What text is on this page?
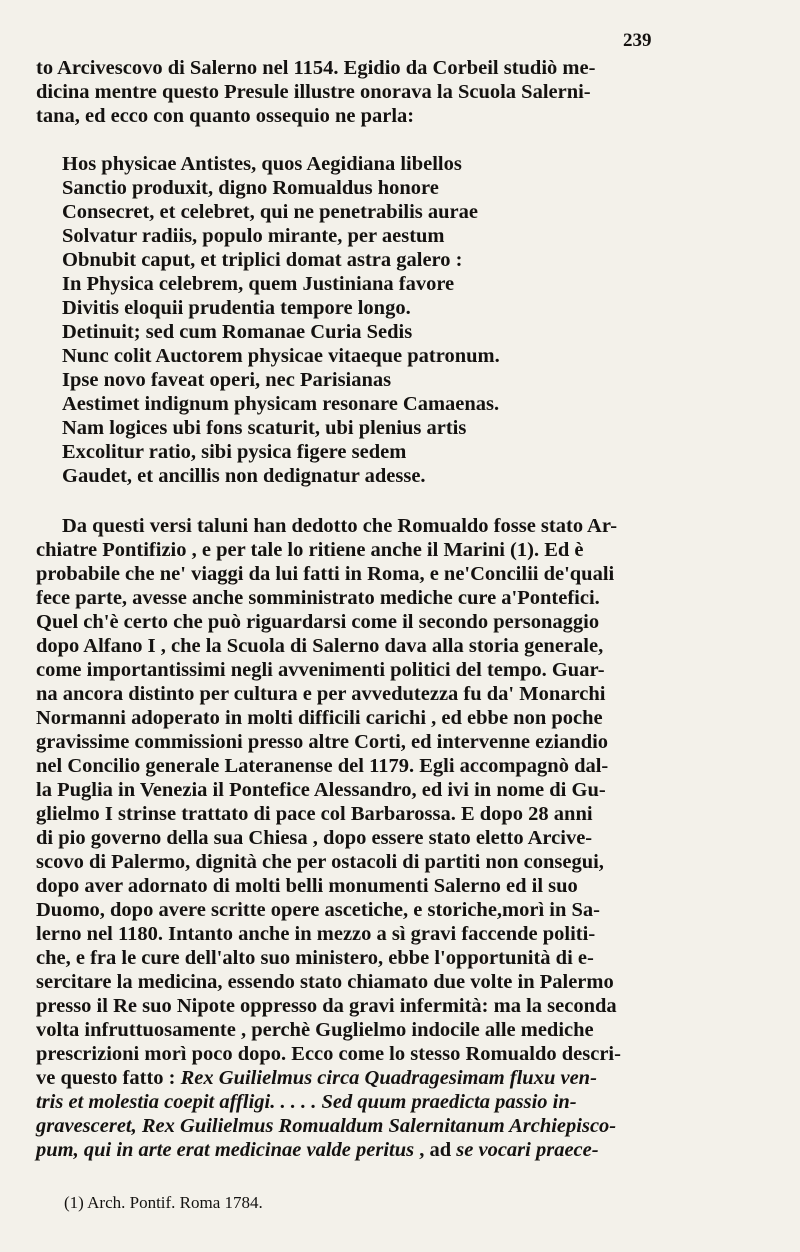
239
to Arcivescovo di Salerno nel 1154. Egidio da Corbeil studiò me-
dicina mentre questo Presule illustre onorava la Scuola Salerni-
tana, ed ecco con quanto ossequio ne parla:
Hos physicae Antistes, quos Aegidiana libellos
Sanctio produxit, digno Romualdus honore
Consecret, et celebret, qui ne penetrabilis aurae
Solvatur radiis, populo mirante, per aestum
Obnubit caput, et triplici domat astra galero :
In Physica celebrem, quem Justiniana favore
Divitis eloquii prudentia tempore longo.
Detinuit; sed cum Romanae Curia Sedis
Nunc colit Auctorem physicae vitaeque patronum.
Ipse novo faveat operi, nec Parisianas
Aestimet indignum physicam resonare Camaenas.
Nam logices ubi fons scaturit, ubi plenius artis
Excolitur ratio, sibi pysica figere sedem
Gaudet, et ancillis non dedignatur adesse.
Da questi versi taluni han dedotto che Romualdo fosse stato Ar-
chiatre Pontifizio , e per tale lo ritiene anche il Marini (1). Ed è
probabile che ne' viaggi da lui fatti in Roma, e ne'Concilii de'quali
fece parte, avesse anche somministrato mediche cure a'Pontefici.
Quel ch'è certo che può riguardarsi come il secondo personaggio
dopo Alfano I , che la Scuola di Salerno dava alla storia generale,
come importantissimi negli avvenimenti politici del tempo. Guar-
na ancora distinto per cultura e per avvedutezza fu da' Monarchi
Normanni adoperato in molti difficili carichi , ed ebbe non poche
gravissime commissioni presso altre Corti, ed intervenne eziandio
nel Concilio generale Lateranense del 1179. Egli accompagnò dal-
la Puglia in Venezia il Pontefice Alessandro, ed ivi in nome di Gu-
glielmo I strinse trattato di pace col Barbarossa. E dopo 28 anni
di pio governo della sua Chiesa , dopo essere stato eletto Arcive-
scovo di Palermo, dignità che per ostacoli di partiti non consegui,
dopo aver adornato di molti belli monumenti Salerno ed il suo
Duomo, dopo avere scritte opere ascetiche, e storiche,morì in Sa-
lerno nel 1180. Intanto anche in mezzo a sì gravi faccende politi-
che, e fra le cure dell'alto suo ministero, ebbe l'opportunità di e-
sercitare la medicina, essendo stato chiamato due volte in Palermo
presso il Re suo Nipote oppresso da gravi infermità: ma la seconda
volta infruttuosamente , perchè Guglielmo indocile alle mediche
prescrizioni morì poco dopo. Ecco come lo stesso Romualdo descri-
ve questo fatto : Rex Guilielmus circa Quadragesimam fluxu ven-
tris et molestia coepit affligi. . . . . Sed quum praedicta passio in-
gravesceret, Rex Guilielmus Romualdum Salernitanum Archiepisco-
pum, qui in arte erat medicinae valde peritus , ad se vocari praece-
(1) Arch. Pontif. Roma 1784.
